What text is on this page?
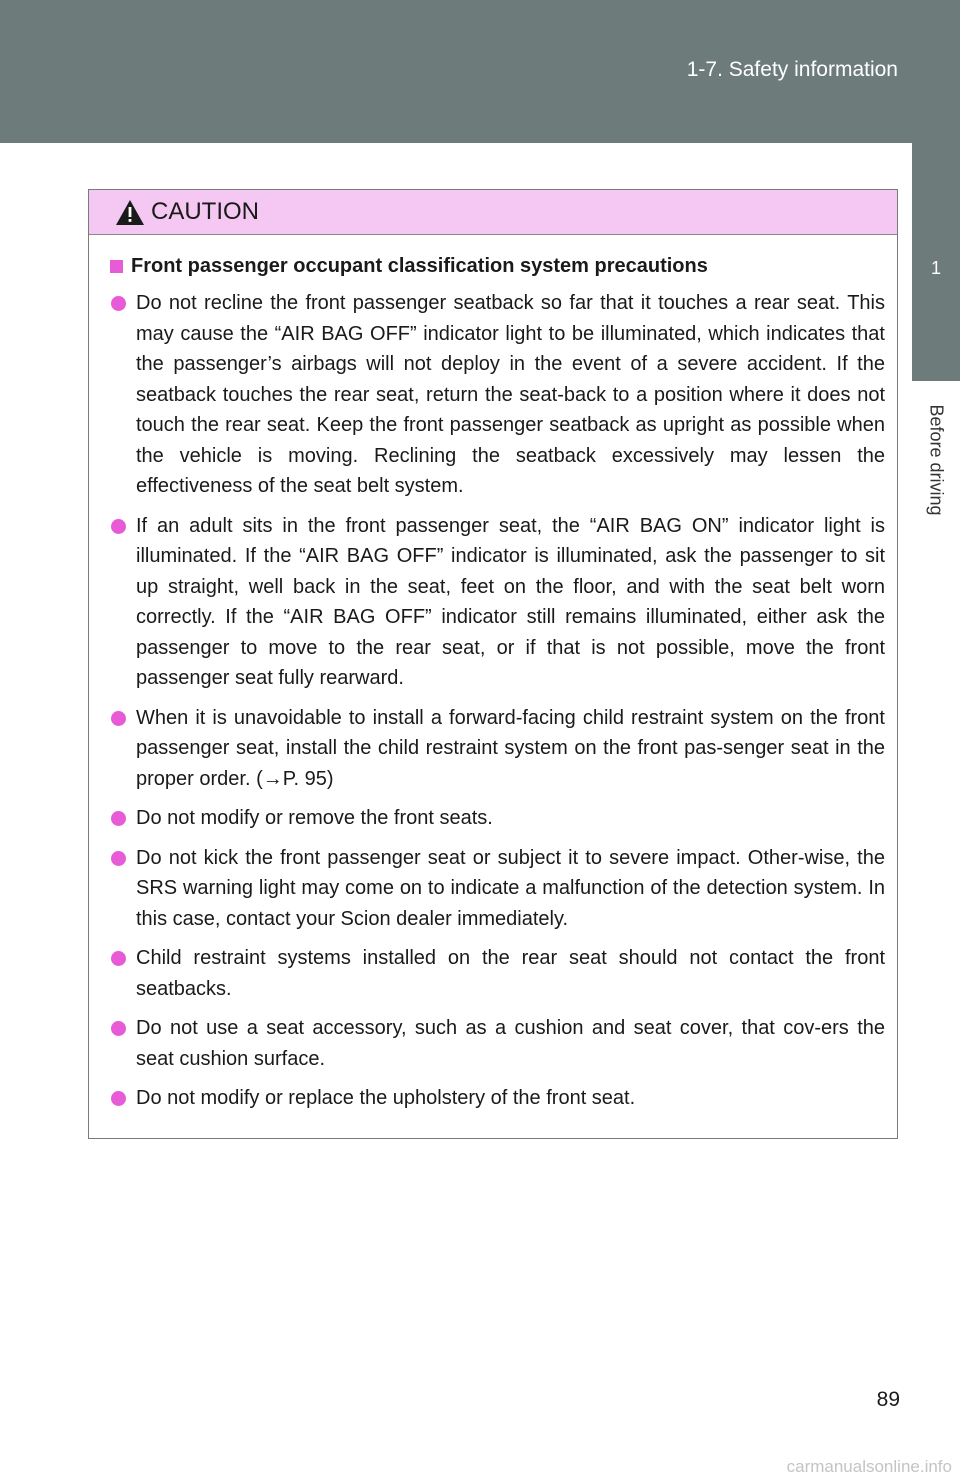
1-7. Safety information
1
Before driving
CAUTION
Front passenger occupant classification system precautions
Do not recline the front passenger seatback so far that it touches a rear seat. This may cause the “AIR BAG OFF” indicator light to be illuminated, which indicates that the passenger’s airbags will not deploy in the event of a severe accident. If the seatback touches the rear seat, return the seat-back to a position where it does not touch the rear seat. Keep the front passenger seatback as upright as possible when the vehicle is moving. Reclining the seatback excessively may lessen the effectiveness of the seat belt system.
If an adult sits in the front passenger seat, the “AIR BAG ON” indicator light is illuminated. If the “AIR BAG OFF” indicator is illuminated, ask the passenger to sit up straight, well back in the seat, feet on the floor, and with the seat belt worn correctly. If the “AIR BAG OFF” indicator still remains illuminated, either ask the passenger to move to the rear seat, or if that is not possible, move the front passenger seat fully rearward.
When it is unavoidable to install a forward-facing child restraint system on the front passenger seat, install the child restraint system on the front pas-senger seat in the proper order. (→P. 95)
Do not modify or remove the front seats.
Do not kick the front passenger seat or subject it to severe impact. Other-wise, the SRS warning light may come on to indicate a malfunction of the detection system. In this case, contact your Scion dealer immediately.
Child restraint systems installed on the rear seat should not contact the front seatbacks.
Do not use a seat accessory, such as a cushion and seat cover, that cov-ers the seat cushion surface.
Do not modify or replace the upholstery of the front seat.
89
carmanualsonline.info
